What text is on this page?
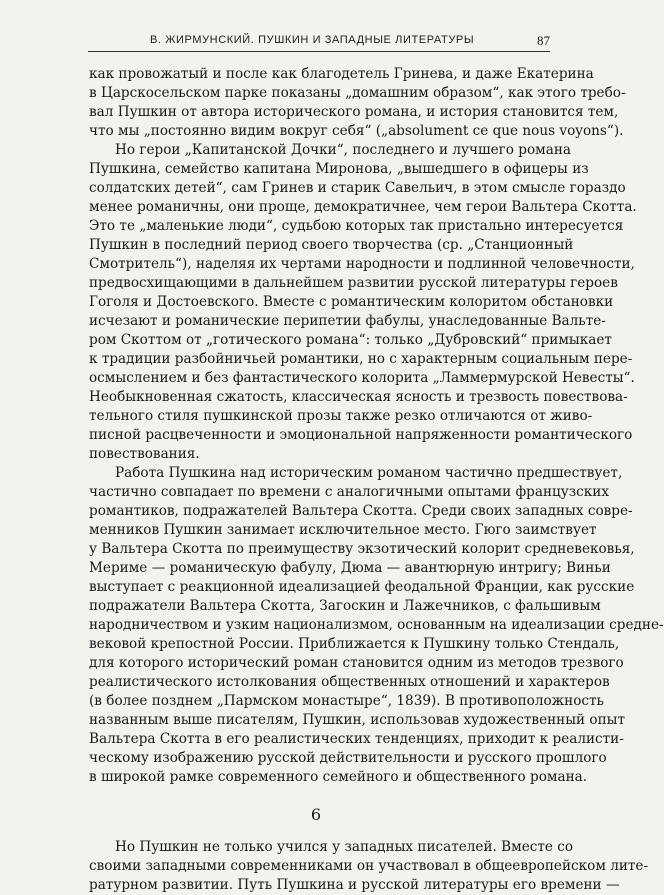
В. ЖИРМУНСКИЙ. ПУШКИН И ЗАПАДНЫЕ ЛИТЕРАТУРЫ	87

как провожатый и после как благодетель Гринева, и даже Екатерина
в Царскосельском парке показаны „домашним образом“, как этого требо-
вал Пушкин от автора исторического романа, и история становится тем,
что мы „постоянно видим вокруг себя“ („absolument ce que nous voyons“).

Но герои „Капитанской Дочки“, последнего и лучшего романа
Пушкина, семейство капитана Миронова, „вышедшего в офицеры из
солдатских детей“, сам Гринев и старик Савельич, в этом смысле гораздо
менее романичны, они проще, демократичнее, чем герои Вальтера Скотта.
Это те „маленькие люди“, судьбою которых так пристально интересуется
Пушкин в последний период своего творчества (ср. „Станционный
Смотритель“), наделяя их чертами народности и подлинной человечности,
предвосхищающими в дальнейшем развитии русской литературы героев
Гоголя и Достоевского. Вместе с романтическим колоритом обстановки
исчезают и романические перипетии фабулы, унаследованные Вальте-
ром Скоттом от „готического романа“: только „Дубровский“ примыкает
к традиции разбойничьей романтики, но с характерным социальным пере-
осмыслением и без фантастического колорита „Ламмермурской Невесты“.
Необыкновенная сжатость, классическая ясность и трезвость повествова-
тельного стиля пушкинской прозы также резко отличаются от живо-
писной расцвеченности и эмоциональной напряженности романтического
повествования.

Работа Пушкина над историческим романом частично предшествует,
частично совпадает по времени с аналогичными опытами французских
романтиков, подражателей Вальтера Скотта. Среди своих западных совре-
менников Пушкин занимает исключительное место. Гюго заимствует
у Вальтера Скотта по преимуществу экзотический колорит средневековья,
Мериме — романическую фабулу, Дюма — авантюрную интригу; Виньи
выступает с реакционной идеализацией феодальной Франции, как русские
подражатели Вальтера Скотта, Загоскин и Лажечников, с фальшивым
народничеством и узким национализмом, основанным на идеализации средне-
вековой крепостной России. Приближается к Пушкину только Стендаль,
для которого исторический роман становится одним из методов трезвого
реалистического истолкования общественных отношений и характеров
(в более позднем „Пармском монастыре“, 1839). В противоположность
названным выше писателям, Пушкин, использовав художественный опыт
Вальтера Скотта в его реалистических тенденциях, приходит к реалисти-
ческому изображению русской действительности и русского прошлого
в широкой рамке современного семейного и общественного романа.

6

Но Пушкин не только учился у западных писателей. Вместе со
своими западными современниками он участвовал в общеевропейском лите-
ратурном развитии. Путь Пушкина и русской литературы его времени —
